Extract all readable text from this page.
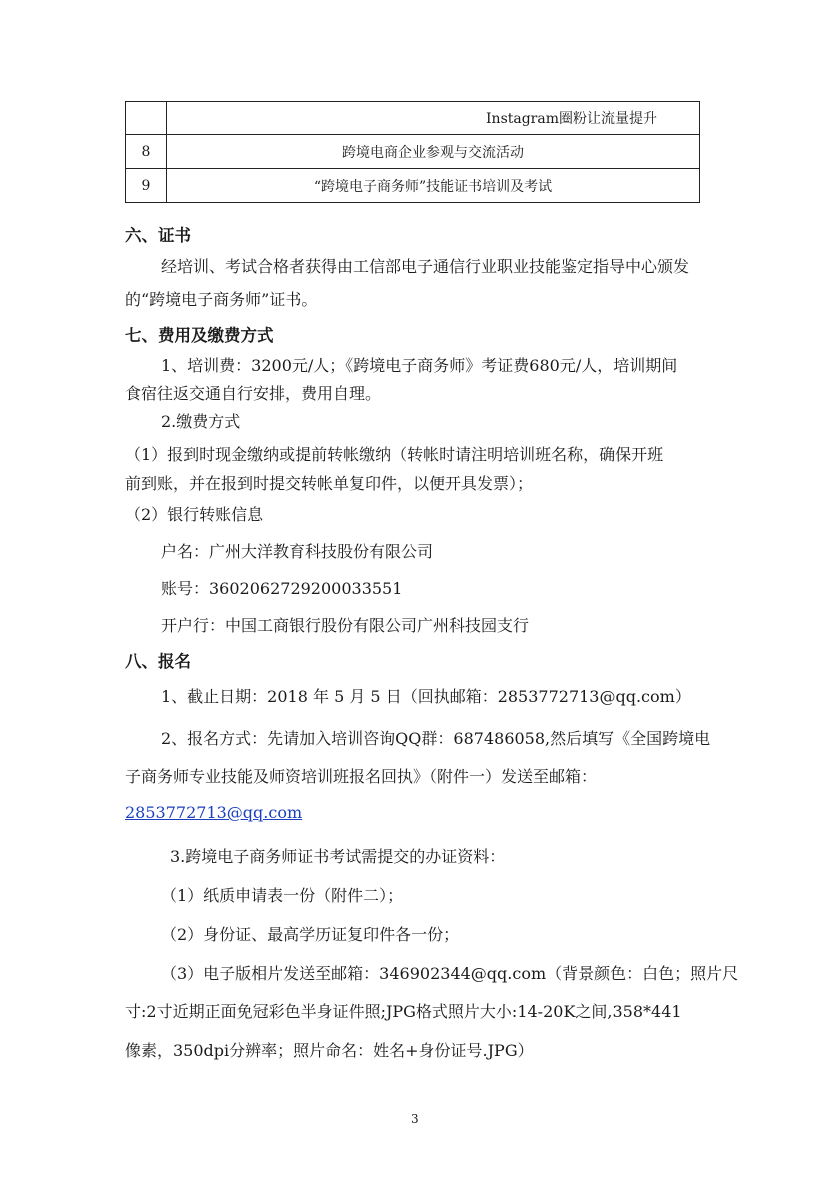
	Instagram圈粉让流量提升
8	跨境电商企业参观与交流活动
9	“跨境电子商务师”技能证书培训及考试
六、证书
经培训、考试合格者获得由工信部电子通信行业职业技能鉴定指导中心颁发
的“跨境电子商务师”证书。
七、费用及缴费方式
1、培训费：3200元/人；《跨境电子商务师》考证费680元/人，培训期间
食宿往返交通自行安排，费用自理。
2.缴费方式
（1）报到时现金缴纳或提前转帐缴纳（转帐时请注明培训班名称，确保开班
前到账，并在报到时提交转帐单复印件，以便开具发票）；
（2）银行转账信息
户名：广州大洋教育科技股份有限公司
账号：3602062729200033551
开户行：中国工商银行股份有限公司广州科技园支行
八、报名
1、截止日期：2018 年 5 月 5 日（回执邮箱：2853772713@qq.com）
2、报名方式：先请加入培训咨询QQ群：687486058,然后填写《全国跨境电
子商务师专业技能及师资培训班报名回执》（附件一）发送至邮箱：
2853772713@qq.com
3.跨境电子商务师证书考试需提交的办证资料：
（1）纸质申请表一份（附件二）；
（2）身份证、最高学历证复印件各一份；
（3）电子版相片发送至邮箱：346902344@qq.com（背景颜色：白色；照片尺
寸:2寸近期正面免冠彩色半身证件照;JPG格式照片大小:14-20K之间,358*441
像素，350dpi分辨率；照片命名：姓名+身份证号.JPG）
3
